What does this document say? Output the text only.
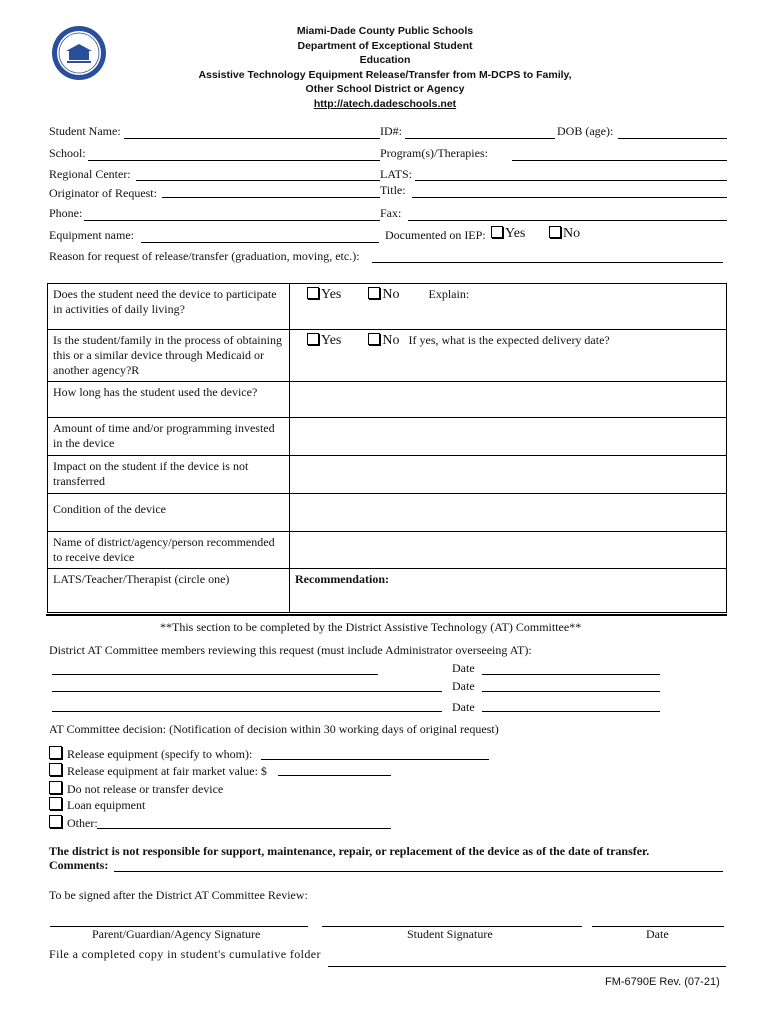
Miami-Dade County Public Schools
Department of Exceptional Student
Education
Assistive Technology Equipment Release/Transfer from M-DCPS to Family,
Other School District or Agency
http://atech.dadeschools.net
Student Name:	ID#:	DOB (age):
School:	Program(s)/Therapies:
Regional Center:	LATS:
Originator of Request:	Title:
Phone:	Fax:
Equipment name:	Documented on IEP:	Yes	No
Reason for request of release/transfer (graduation, moving, etc.):
Does the student need the device to participate in activities of daily living?	Yes No Explain:
Is the student/family in the process of obtaining this or a similar device through Medicaid or another agency?R	Yes No If yes, what is the expected delivery date?
How long has the student used the device?	
Amount of time and/or programming invested in the device	
Impact on the student if the device is not transferred	
Condition of the device	
Name of district/agency/person recommended to receive device	
LATS/Teacher/Therapist (circle one)	Recommendation:
**This section to be completed by the District Assistive Technology (AT) Committee**
District AT Committee members reviewing this request (must include Administrator overseeing AT):
Date
Date
Date
AT Committee decision: (Notification of decision within 30 working days of original request)
Release equipment (specify to whom):
Release equipment at fair market value: $
Do not release or transfer device
Loan equipment
Other:
The district is not responsible for support, maintenance, repair, or replacement of the device as of the date of transfer.
Comments:
To be signed after the District AT Committee Review:
Parent/Guardian/Agency Signature	Student Signature	Date
File a completed copy in student's cumulative folder
FM-6790E Rev. (07-21)
